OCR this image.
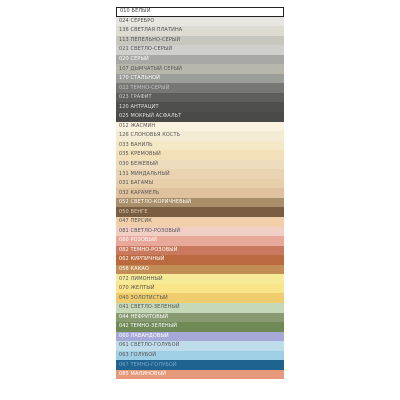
010 БЕЛЫЙ
024 СЕРЕБРО
136 СВЕТЛАЯ ПЛАТИНА
113 ПЕПЕЛЬНО-СЕРЫЙ
021 СВЕТЛО-СЕРЫЙ
020 СЕРЫЙ
107 ДЫМЧАТЫЙ СЕРЫЙ
170 СТАЛЬНОЙ
022 ТЕМНО-СЕРЫЙ
023 ГРАФИТ
120 АНТРАЦИТ
025 МОКРЫЙ АСФАЛЬТ
012 ЖАСМИН
126 СЛОНОВЬЯ КОСТЬ
033 ВАНИЛЬ
035 КРЕМОВЫЙ
030 БЕЖЕВЫЙ
131 МИНДАЛЬНЫЙ
031 БАГАМЫ
032 КАРАМЕЛЬ
052 СВЕТЛО-КОРИЧНЕВЫЙ
050 ВЕНГЕ
047 ПЕРСИК
081 СВЕТЛО-РОЗОВЫЙ
080 РОЗОВЫЙ
082 ТЕМНО-РОЗОВЫЙ
062 КИРПИЧНЫЙ
058 КАКАО
072 ЛИМОННЫЙ
070 ЖЕЛТЫЙ
040 ЗОЛОТИСТЫЙ
041 СВЕТЛО-ЗЕЛЕНЫЙ
044 НЕФРИТОВЫЙ
042 ТЕМНО-ЗЕЛЕНЫЙ
060 ЛАВАНДОВЫЙ
061 СВЕТЛО-ГОЛУБОЙ
063 ГОЛУБОЙ
067 ТЕМНО-ГОЛУБОЙ
085 МАЛИНОВЫЙ
